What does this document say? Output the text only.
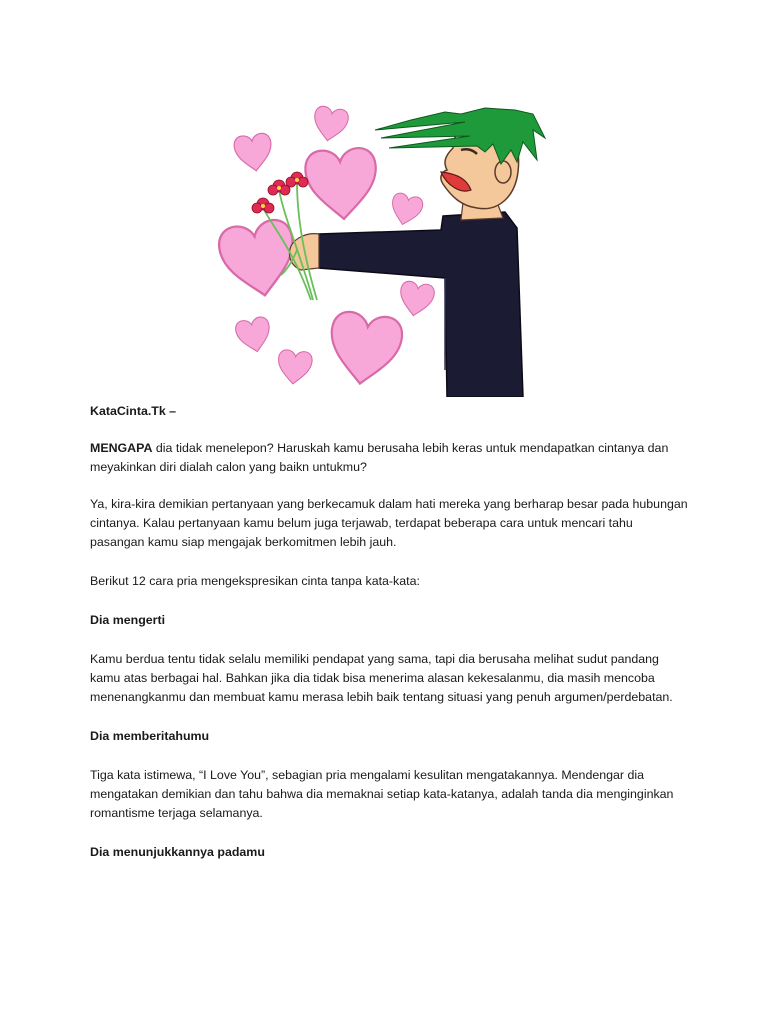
KataCinta.Tk –

MENGAPA dia tidak menelepon? Haruskah kamu berusaha lebih keras untuk mendapatkan cintanya dan meyakinkan diri dialah calon yang baikn untukmu?

Ya, kira-kira demikian pertanyaan yang berkecamuk dalam hati mereka yang berharap besar pada hubungan cintanya. Kalau pertanyaan kamu belum juga terjawab, terdapat beberapa cara untuk mencari tahu pasangan kamu siap mengajak berkomitmen lebih jauh.

Berikut 12 cara pria mengekspresikan cinta tanpa kata-kata:

Dia mengerti

Kamu berdua tentu tidak selalu memiliki pendapat yang sama, tapi dia berusaha melihat sudut pandang kamu atas berbagai hal. Bahkan jika dia tidak bisa menerima alasan kekesalanmu, dia masih mencoba menenangkanmu dan membuat kamu merasa lebih baik tentang situasi yang penuh argumen/perdebatan.

Dia memberitahumu

Tiga kata istimewa, “I Love You”, sebagian pria mengalami kesulitan mengatakannya. Mendengar dia mengatakan demikian dan tahu bahwa dia memaknai setiap kata-katanya, adalah tanda dia menginginkan romantisme terjaga selamanya.

Dia menunjukkannya padamu
